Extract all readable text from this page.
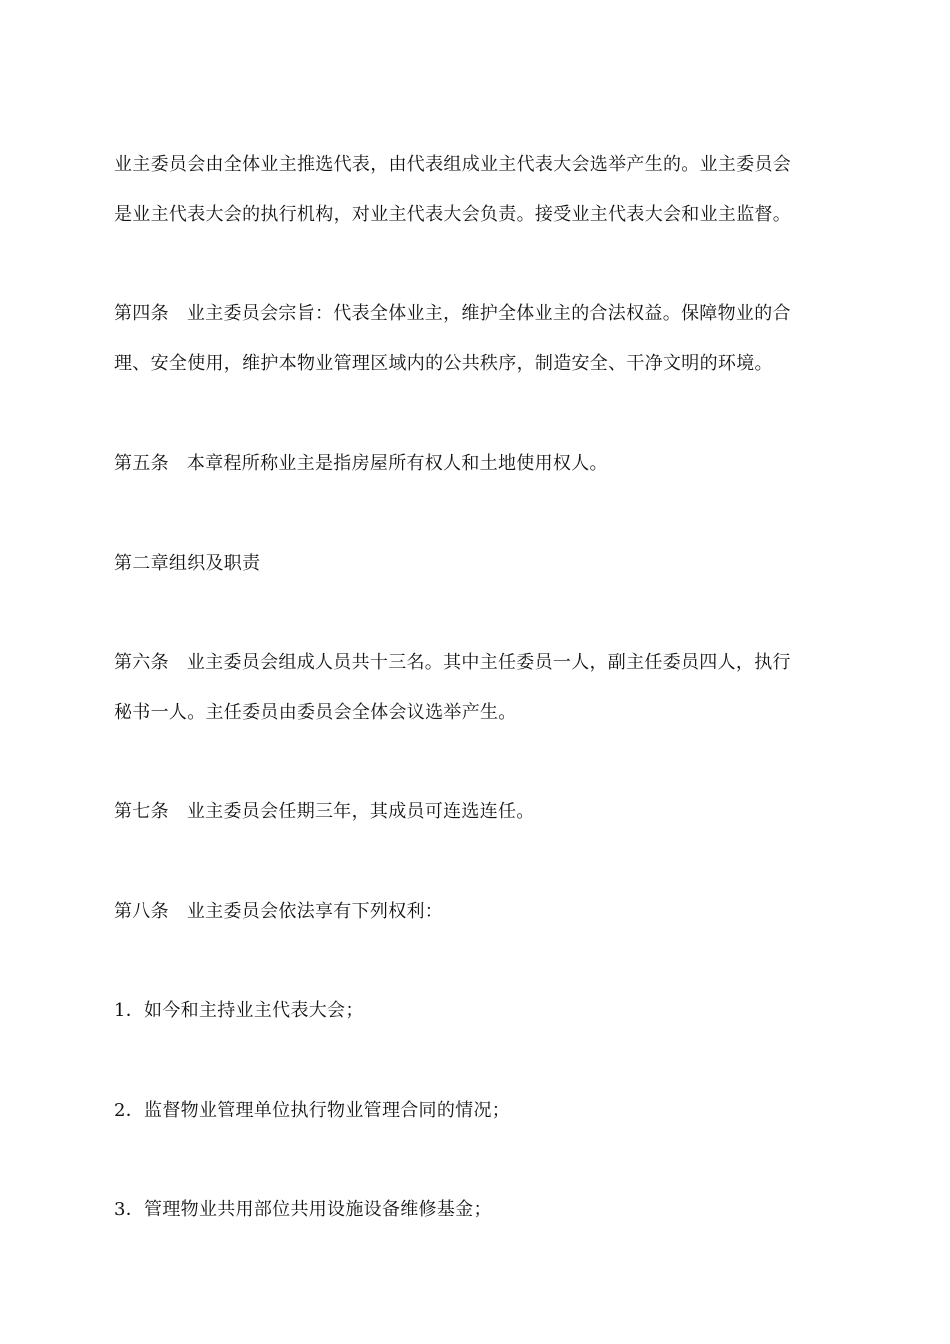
业主委员会由全体业主推选代表，由代表组成业主代表大会选举产生的。业主委员会
是业主代表大会的执行机构，对业主代表大会负责。接受业主代表大会和业主监督。
第四条 业主委员会宗旨：代表全体业主，维护全体业主的合法权益。保障物业的合
理、安全使用，维护本物业管理区域内的公共秩序，制造安全、干净文明的环境。
第五条 本章程所称业主是指房屋所有权人和土地使用权人。
第二章组织及职责
第六条 业主委员会组成人员共十三名。其中主任委员一人，副主任委员四人，执行
秘书一人。主任委员由委员会全体会议选举产生。
第七条 业主委员会任期三年，其成员可连选连任。
第八条 业主委员会依法享有下列权利：
1．如今和主持业主代表大会；
2．监督物业管理单位执行物业管理合同的情况；
3．管理物业共用部位共用设施设备维修基金；
